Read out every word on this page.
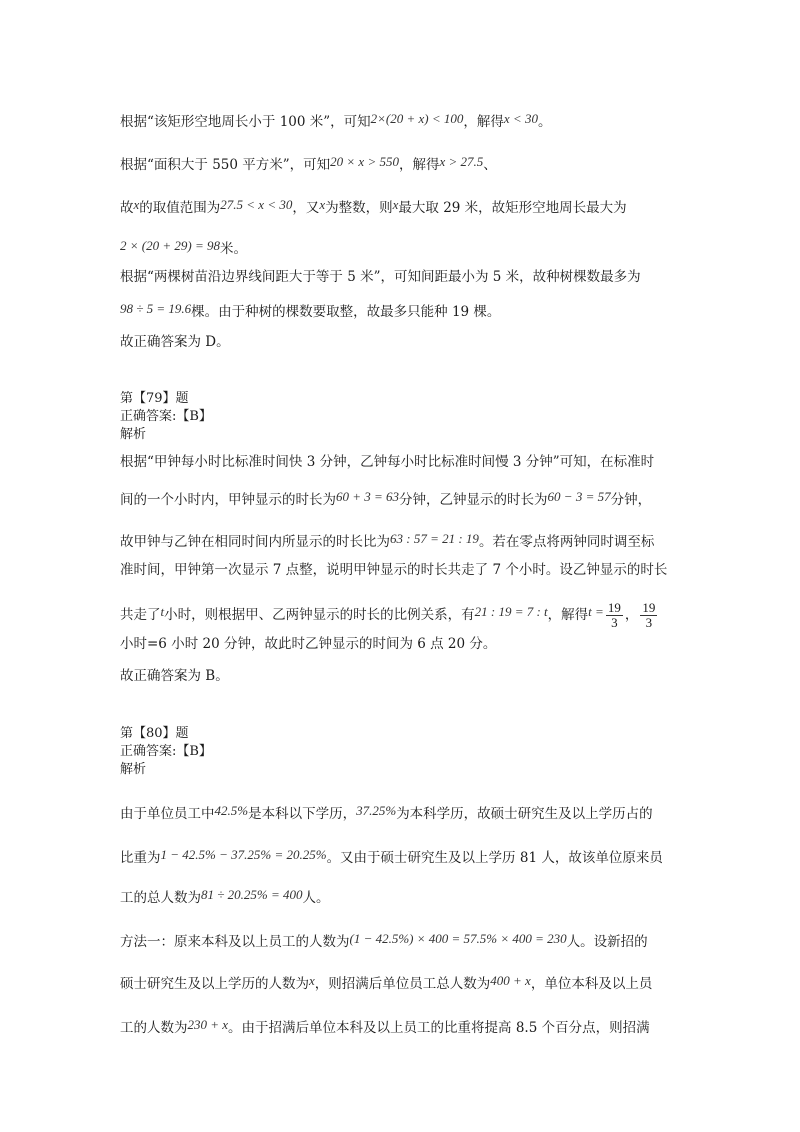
根据“该矩形空地周长小于 100 米”，可知2×(20 + x) < 100，解得x < 30。
根据“面积大于 550 平方米”，可知20 × x > 550，解得x > 27.5、
故x的取值范围为27.5 < x < 30，又x为整数，则x最大取 29 米，故矩形空地周长最大为
2 × (20 + 29) = 98米。
根据“两棵树苗沿边界线间距大于等于 5 米”，可知间距最小为 5 米，故种树棵数最多为
98 ÷ 5 = 19.6棵。由于种树的棵数要取整，故最多只能种 19 棵。
故正确答案为 D。
第【79】题
正确答案:【B】
解析
根据“甲钟每小时比标准时间快 3 分钟，乙钟每小时比标准时间慢 3 分钟”可知，在标准时
间的一个小时内，甲钟显示的时长为60 + 3 = 63分钟，乙钟显示的时长为60 − 3 = 57分钟，
故甲钟与乙钟在相同时间内所显示的时长比为63 : 57 = 21 : 19。若在零点将两钟同时调至标
准时间，甲钟第一次显示 7 点整，说明甲钟显示的时长共走了 7 个小时。设乙钟显示的时长
共走了t小时，则根据甲、乙两钟显示的时长的比例关系，有21 : 19 = 7 : t，解得$t = \frac{19}{3}$ ， $\frac{19}{3}$
小时=6 小时 20 分钟，故此时乙钟显示的时间为 6 点 20 分。
故正确答案为 B。
第【80】题
正确答案:【B】
解析
由于单位员工中42.5%是本科以下学历，37.25%为本科学历，故硕士研究生及以上学历占的
比重为1 − 42.5% − 37.25% = 20.25%。又由于硕士研究生及以上学历 81 人，故该单位原来员
工的总人数为81 ÷ 20.25% = 400人。
方法一：原来本科及以上员工的人数为(1 − 42.5%) × 400 = 57.5% × 400 = 230人。设新招的
硕士研究生及以上学历的人数为x，则招满后单位员工总人数为400 + x，单位本科及以上员
工的人数为230 + x。由于招满后单位本科及以上员工的比重将提高 8.5 个百分点，则招满
